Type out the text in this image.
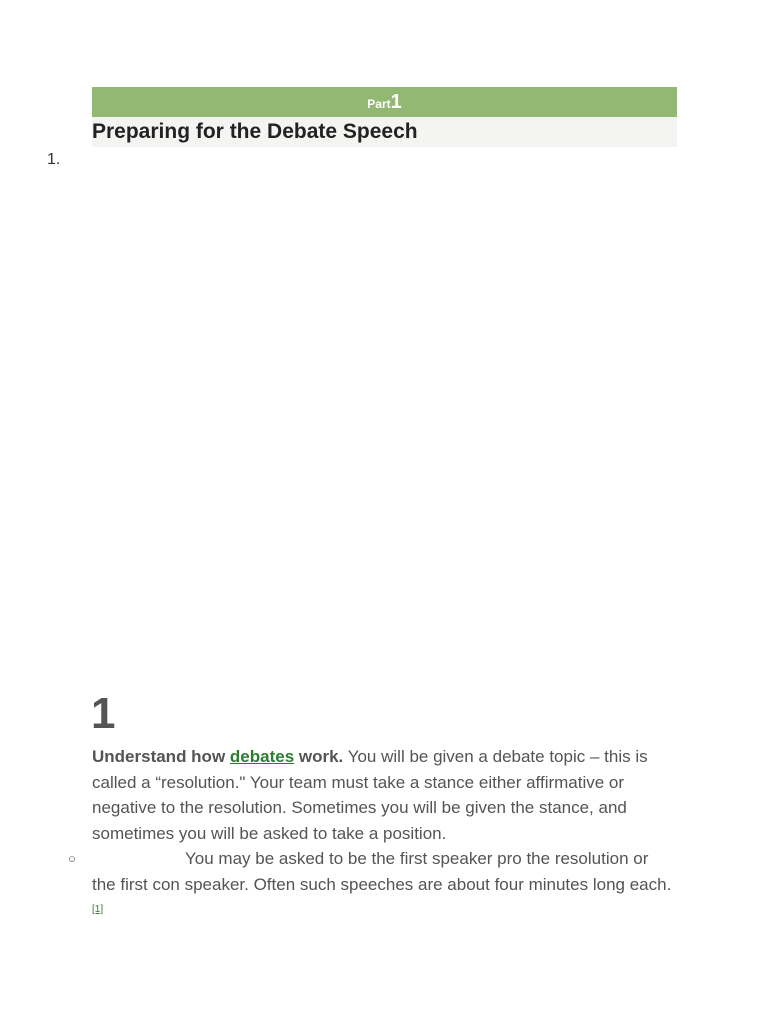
Part1
Preparing for the Debate Speech
1.
1

Understand how debates work. You will be given a debate topic – this is called a “resolution." Your team must take a stance either affirmative or negative to the resolution. Sometimes you will be given the stance, and sometimes you will be asked to take a position.

○	You may be asked to be the first speaker pro the resolution or the first con speaker. Often such speeches are about four minutes long each.[1]
